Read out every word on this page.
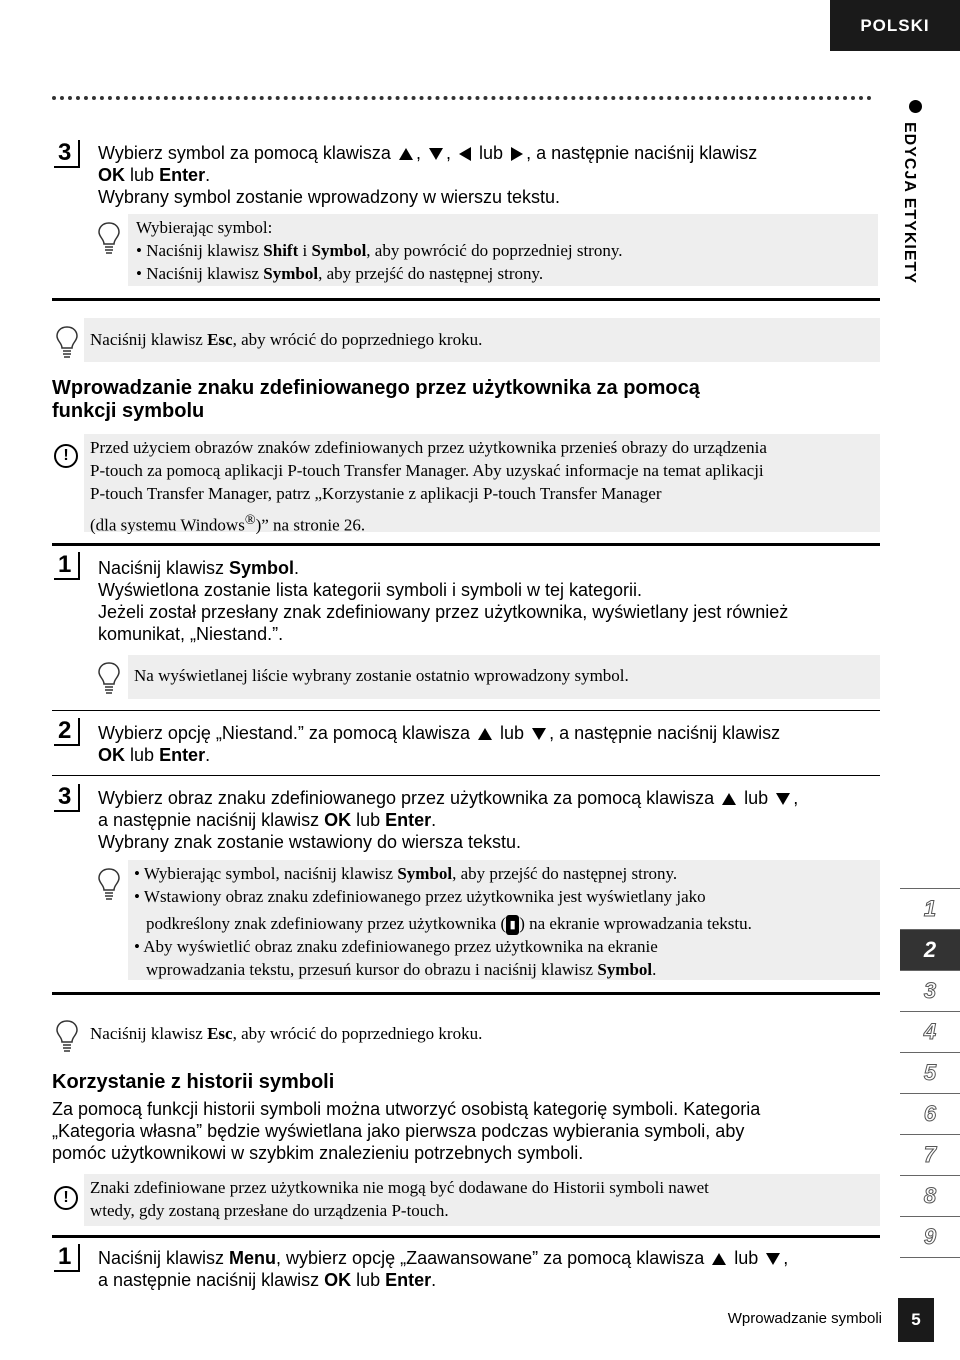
POLSKI
EDYCJA ETYKIETY
3	Wybierz symbol za pomocą klawisza , , lub , a następnie naciśnij klawisz
OK lub Enter.
Wybrany symbol zostanie wprowadzony w wierszu tekstu.
Wybierając symbol:
• Naciśnij klawisz Shift i Symbol, aby powrócić do poprzedniej strony.
• Naciśnij klawisz Symbol, aby przejść do następnej strony.
Naciśnij klawisz Esc, aby wrócić do poprzedniego kroku.
Wprowadzanie znaku zdefiniowanego przez użytkownika za pomocą
funkcji symbolu
!	Przed użyciem obrazów znaków zdefiniowanych przez użytkownika przenieś obrazy do urządzenia
P-touch za pomocą aplikacji P-touch Transfer Manager. Aby uzyskać informacje na temat aplikacji
P-touch Transfer Manager, patrz „Korzystanie z aplikacji P-touch Transfer Manager
(dla systemu Windows®)” na stronie 26.
1	Naciśnij klawisz Symbol.
Wyświetlona zostanie lista kategorii symboli i symboli w tej kategorii.
Jeżeli został przesłany znak zdefiniowany przez użytkownika, wyświetlany jest również
komunikat, „Niestand.”.
Na wyświetlanej liście wybrany zostanie ostatnio wprowadzony symbol.
2	Wybierz opcję „Niestand.” za pomocą klawisza lub , a następnie naciśnij klawisz
OK lub Enter.
3	Wybierz obraz znaku zdefiniowanego przez użytkownika za pomocą klawisza lub ,
a następnie naciśnij klawisz OK lub Enter.
Wybrany znak zostanie wstawiony do wiersza tekstu.
• Wybierając symbol, naciśnij klawisz Symbol, aby przejść do następnej strony.
• Wstawiony obraz znaku zdefiniowanego przez użytkownika jest wyświetlany jako
podkreślony znak zdefiniowany przez użytkownika ( ▮ ) na ekranie wprowadzania tekstu.
• Aby wyświetlić obraz znaku zdefiniowanego przez użytkownika na ekranie
wprowadzania tekstu, przesuń kursor do obrazu i naciśnij klawisz Symbol.
Naciśnij klawisz Esc, aby wrócić do poprzedniego kroku.
Korzystanie z historii symboli
Za pomocą funkcji historii symboli można utworzyć osobistą kategorię symboli. Kategoria
„Kategoria własna” będzie wyświetlana jako pierwsza podczas wybierania symboli, aby
pomóc użytkownikowi w szybkim znalezieniu potrzebnych symboli.
!
Znaki zdefiniowane przez użytkownika nie mogą być dodawane do Historii symboli nawet
wtedy, gdy zostaną przesłane do urządzenia P-touch.
1	Naciśnij klawisz Menu, wybierz opcję „Zaawansowane” za pomocą klawisza lub ,
a następnie naciśnij klawisz OK lub Enter.
1
2
3
4
5
6
7
8
9
Wprowadzanie symboli	5
